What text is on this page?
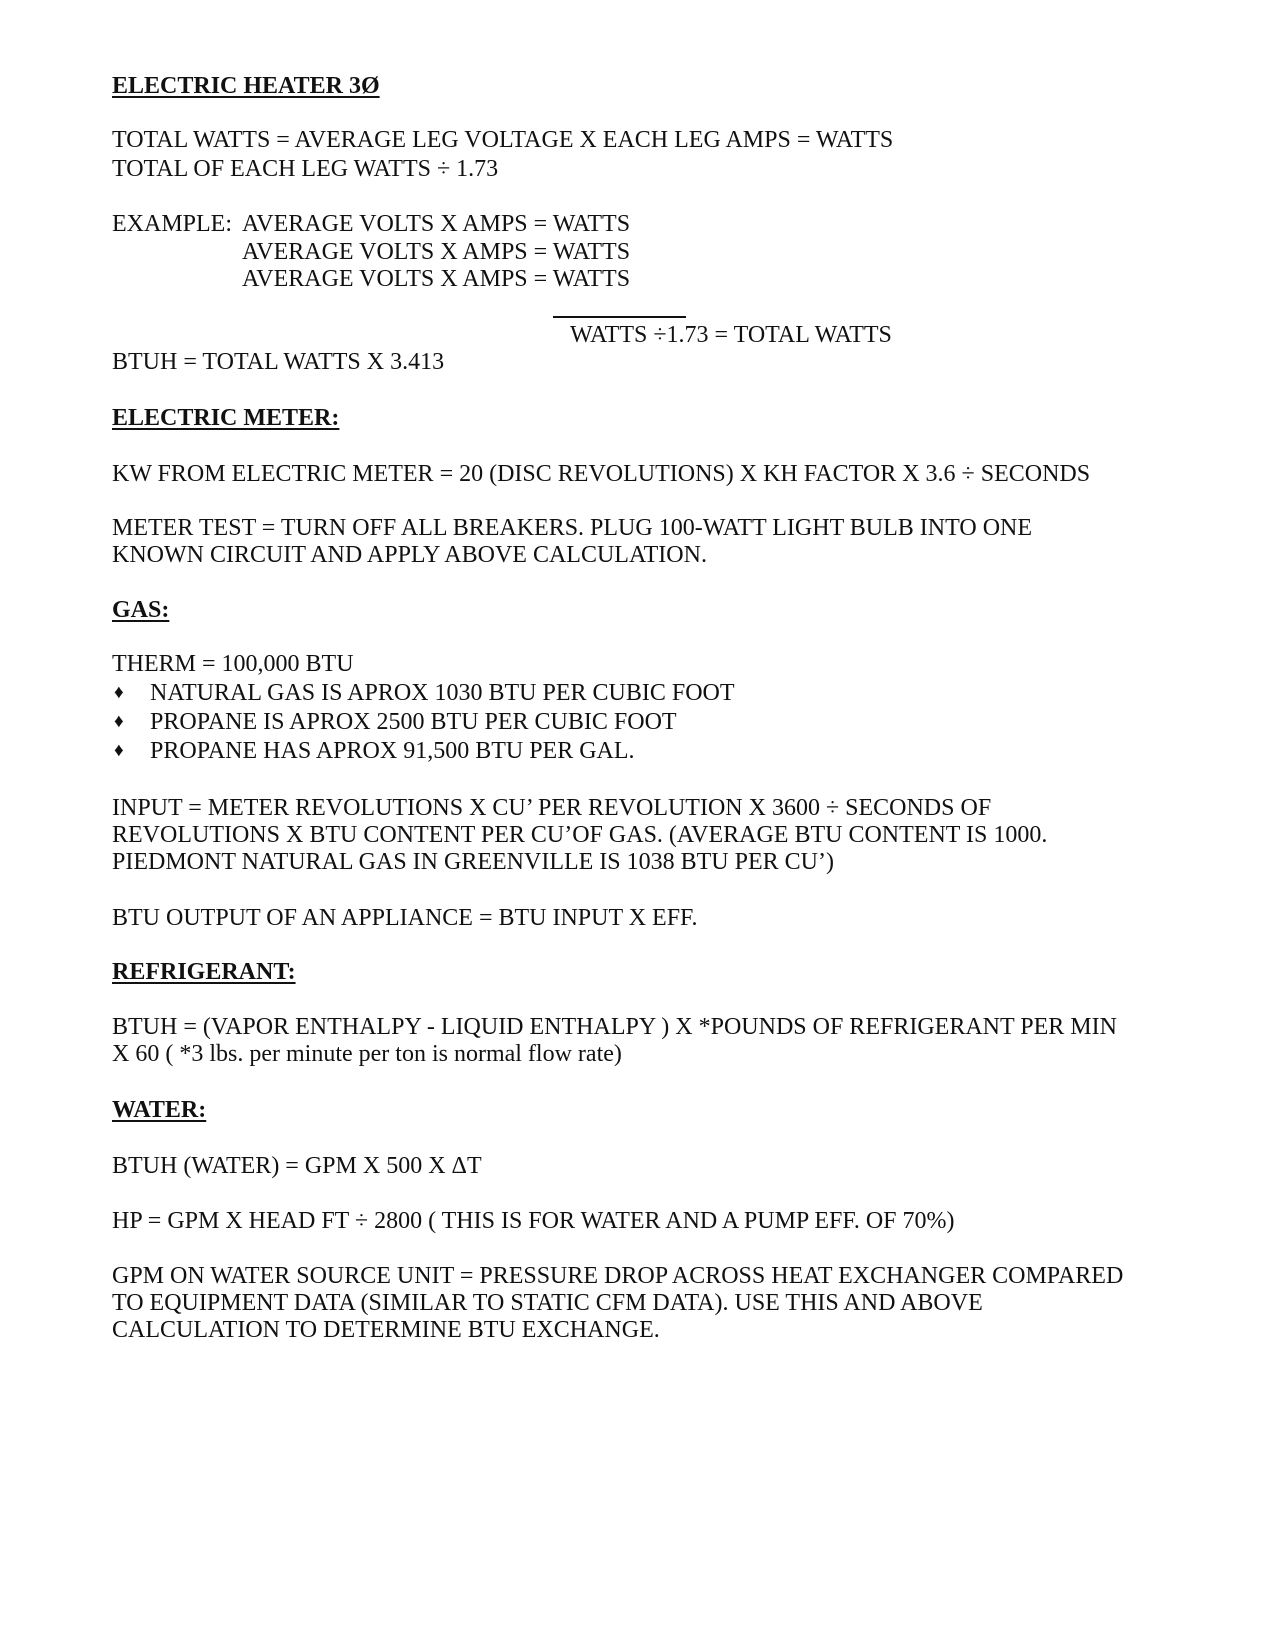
ELECTRIC HEATER 3Ø
TOTAL WATTS = AVERAGE LEG VOLTAGE X EACH LEG AMPS = WATTS
TOTAL OF EACH LEG WATTS ÷ 1.73
EXAMPLE: AVERAGE VOLTS X AMPS = WATTS
AVERAGE VOLTS X AMPS = WATTS
AVERAGE VOLTS X AMPS = WATTS
WATTS ÷1.73 = TOTAL WATTS
BTUH = TOTAL WATTS X 3.413
ELECTRIC METER:
KW FROM ELECTRIC METER = 20 (DISC REVOLUTIONS) X KH FACTOR X 3.6 ÷ SECONDS
METER TEST = TURN OFF ALL BREAKERS. PLUG 100-WATT LIGHT BULB INTO ONE
KNOWN CIRCUIT AND APPLY ABOVE CALCULATION.
GAS:
THERM = 100,000 BTU
♦ NATURAL GAS IS APROX 1030 BTU PER CUBIC FOOT
♦ PROPANE IS APROX 2500 BTU PER CUBIC FOOT
♦ PROPANE HAS APROX 91,500 BTU PER GAL.
INPUT = METER REVOLUTIONS X CU’ PER REVOLUTION X 3600 ÷ SECONDS OF
REVOLUTIONS X BTU CONTENT PER CU’OF GAS. (AVERAGE BTU CONTENT IS 1000.
PIEDMONT NATURAL GAS IN GREENVILLE IS 1038 BTU PER CU’)
BTU OUTPUT OF AN APPLIANCE = BTU INPUT X EFF.
REFRIGERANT:
BTUH = (VAPOR ENTHALPY - LIQUID ENTHALPY ) X *POUNDS OF REFRIGERANT PER MIN
X 60 ( *3 lbs. per minute per ton is normal flow rate)
WATER:
BTUH (WATER) = GPM X 500 X ΔT
HP = GPM X HEAD FT ÷ 2800 ( THIS IS FOR WATER AND A PUMP EFF. OF 70%)
GPM ON WATER SOURCE UNIT = PRESSURE DROP ACROSS HEAT EXCHANGER COMPARED
TO EQUIPMENT DATA (SIMILAR TO STATIC CFM DATA). USE THIS AND ABOVE
CALCULATION TO DETERMINE BTU EXCHANGE.
